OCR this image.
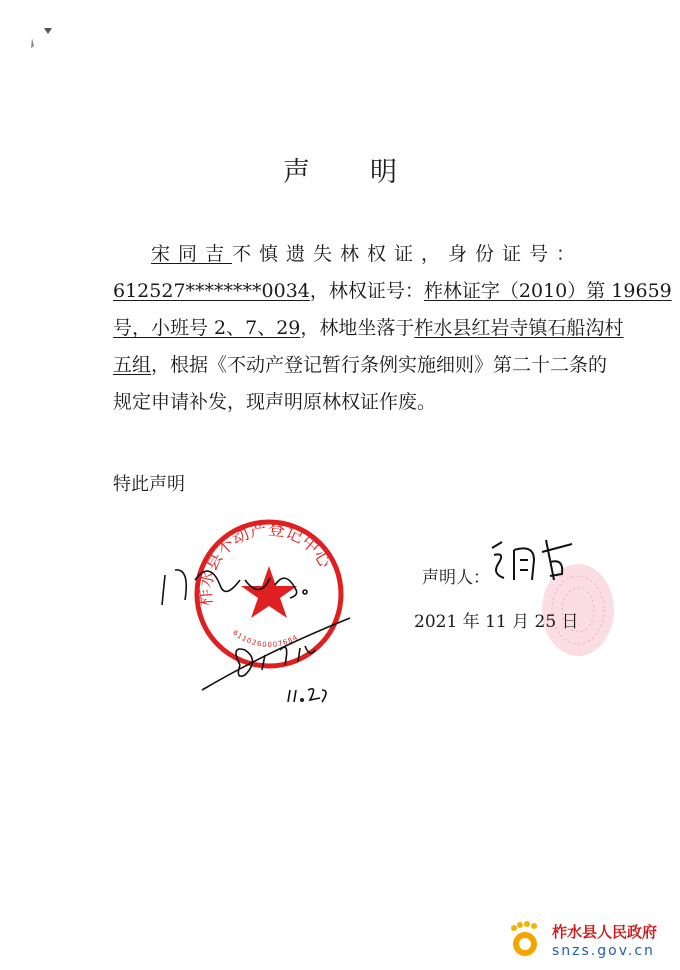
声明
宋同吉不慎遗失林权证，身份证号：
612527********0034，林权证号：柞林证字（2010）第 19659
号，小班号 2、7、29，林地坐落于柞水县红岩寺镇石船沟村
五组，根据《不动产登记暂行条例实施细则》第二十二条的
规定申请补发，现声明原林权证作废。
特此声明
柞水县不动产登记中心
6110260007684
11.25
声明人：
2021 年 11 月 25 日
柞水县人民政府
snzs.gov.cn
